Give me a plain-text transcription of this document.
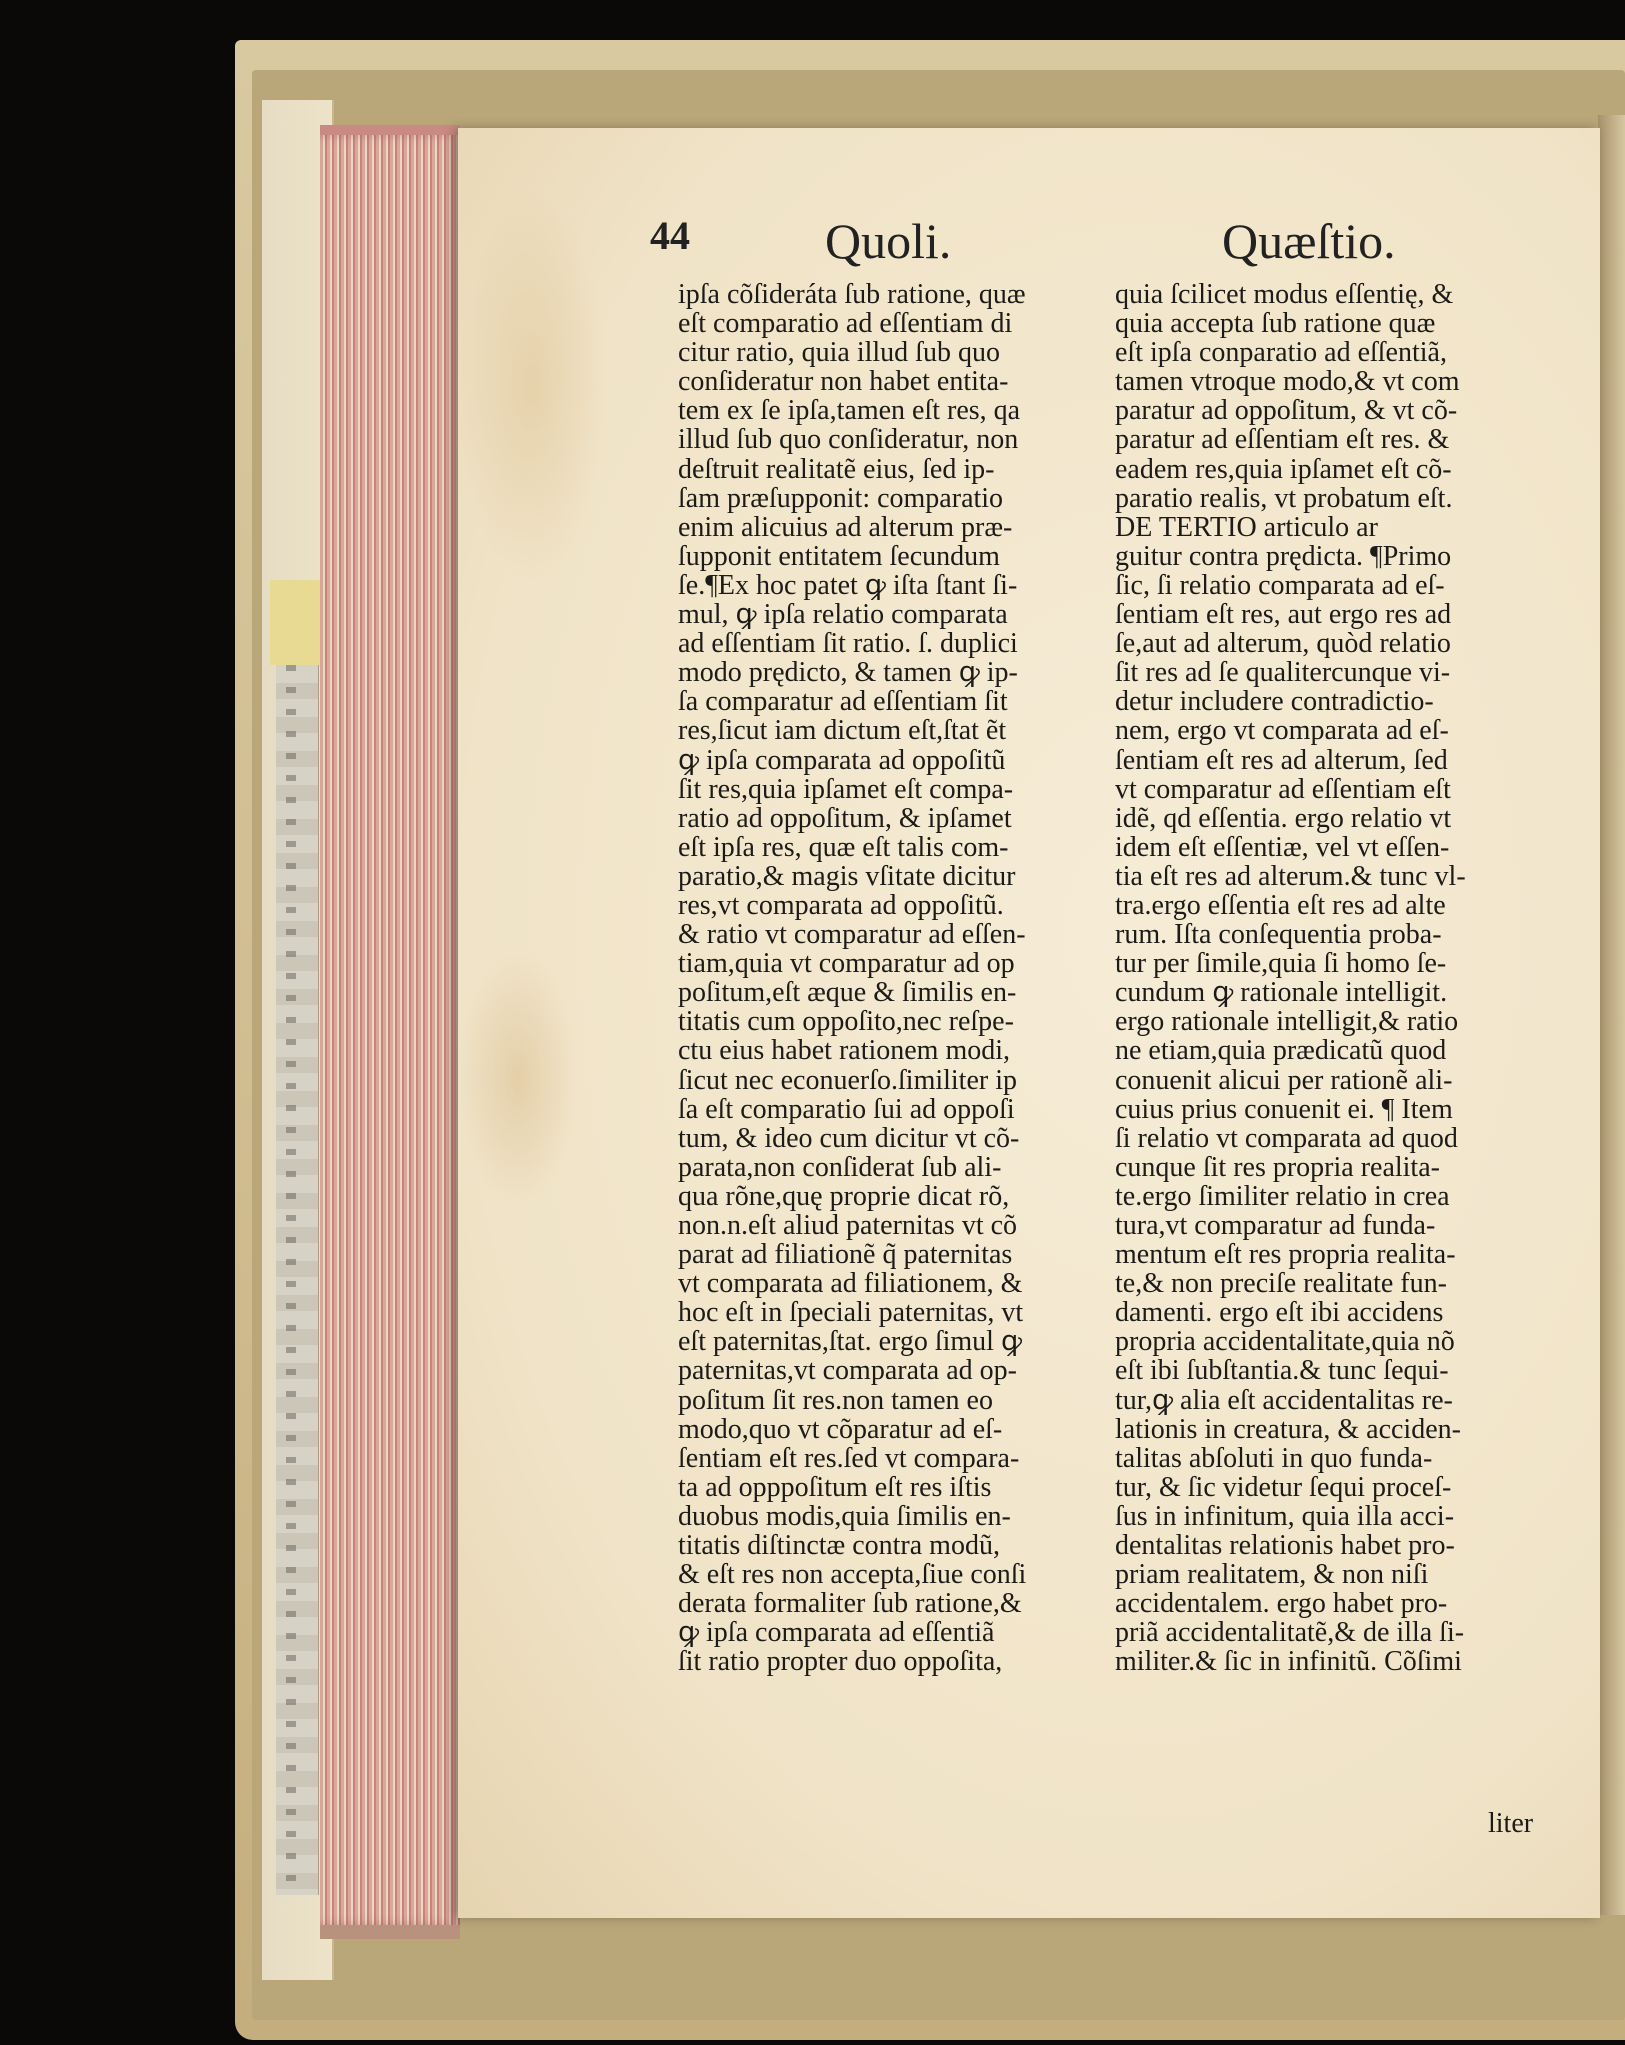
44	Quoli.	Quæſtio.
ipſa cõſideráta ſub ratione, quæ
eſt comparatio ad eſſentiam di
citur ratio, quia illud ſub quo
conſideratur non habet entita-
tem ex ſe ipſa,tamen eſt res, qa
illud ſub quo conſideratur, non
deſtruit realitatẽ eius, ſed ip-
ſam præſupponit: comparatio
enim alicuius ad alterum præ-
ſupponit entitatem ſecundum
ſe.¶Ex hoc patet ꝙ iſta ſtant ſi-
mul, ꝙ ipſa relatio comparata
ad eſſentiam ſit ratio. ſ. duplici
modo prędicto, & tamen ꝙ ip-
ſa comparatur ad eſſentiam ſit
res,ſicut iam dictum eſt,ſtat ẽt
ꝙ ipſa comparata ad oppoſitũ
ſit res,quia ipſamet eſt compa-
ratio ad oppoſitum, & ipſamet
eſt ipſa res, quæ eſt talis com-
paratio,& magis vſitate dicitur
res,vt comparata ad oppoſitũ.
& ratio vt comparatur ad eſſen-
tiam,quia vt comparatur ad op
poſitum,eſt æque & ſimilis en-
titatis cum oppoſito,nec reſpe-
ctu eius habet rationem modi,
ſicut nec econuerſo.ſimiliter ip
ſa eſt comparatio ſui ad oppoſi
tum, & ideo cum dicitur vt cõ-
parata,non conſiderat ſub ali-
qua rõne,quę proprie dicat rõ,
non.n.eſt aliud paternitas vt cõ
parat ad filiationẽ q̃ paternitas
vt comparata ad filiationem, &
hoc eſt in ſpeciali paternitas, vt
eſt paternitas,ſtat. ergo ſimul ꝙ
paternitas,vt comparata ad op-
poſitum ſit res.non tamen eo
modo,quo vt cõparatur ad eſ-
ſentiam eſt res.ſed vt compara-
ta ad opppoſitum eſt res iſtis
duobus modis,quia ſimilis en-
titatis diſtinctæ contra modũ,
& eſt res non accepta,ſiue conſi
derata formaliter ſub ratione,&
ꝙ ipſa comparata ad eſſentiã
ſit ratio propter duo oppoſita,
quia ſcilicet modus eſſentię, &
quia accepta ſub ratione quæ
eſt ipſa conparatio ad eſſentiã,
tamen vtroque modo,& vt com
paratur ad oppoſitum, & vt cõ-
paratur ad eſſentiam eſt res. &
eadem res,quia ipſamet eſt cõ-
paratio realis, vt probatum eſt.
DE TERTIO articulo ar
guitur contra prędicta. ¶Primo
ſic, ſi relatio comparata ad eſ-
ſentiam eſt res, aut ergo res ad
ſe,aut ad alterum, quòd relatio
ſit res ad ſe qualitercunque vi-
detur includere contradictio-
nem, ergo vt comparata ad eſ-
ſentiam eſt res ad alterum, ſed
vt comparatur ad eſſentiam eſt
idẽ, qd eſſentia. ergo relatio vt
idem eſt eſſentiæ, vel vt eſſen-
tia eſt res ad alterum.& tunc vl-
tra.ergo eſſentia eſt res ad alte
rum. Iſta conſequentia proba-
tur per ſimile,quia ſi homo ſe-
cundum ꝙ rationale intelligit.
ergo rationale intelligit,& ratio
ne etiam,quia prædicatũ quod
conuenit alicui per rationẽ ali-
cuius prius conuenit ei. ¶ Item
ſi relatio vt comparata ad quod
cunque ſit res propria realita-
te.ergo ſimiliter relatio in crea
tura,vt comparatur ad funda-
mentum eſt res propria realita-
te,& non preciſe realitate fun-
damenti. ergo eſt ibi accidens
propria accidentalitate,quia nõ
eſt ibi ſubſtantia.& tunc ſequi-
tur,ꝙ alia eſt accidentalitas re-
lationis in creatura, & acciden-
talitas abſoluti in quo funda-
tur, & ſic videtur ſequi proceſ-
ſus in infinitum, quia illa acci-
dentalitas relationis habet pro-
priam realitatem, & non niſi
accidentalem. ergo habet pro-
priã accidentalitatẽ,& de illa ſi-
militer.& ſic in infinitũ. Cõſimi
liter
